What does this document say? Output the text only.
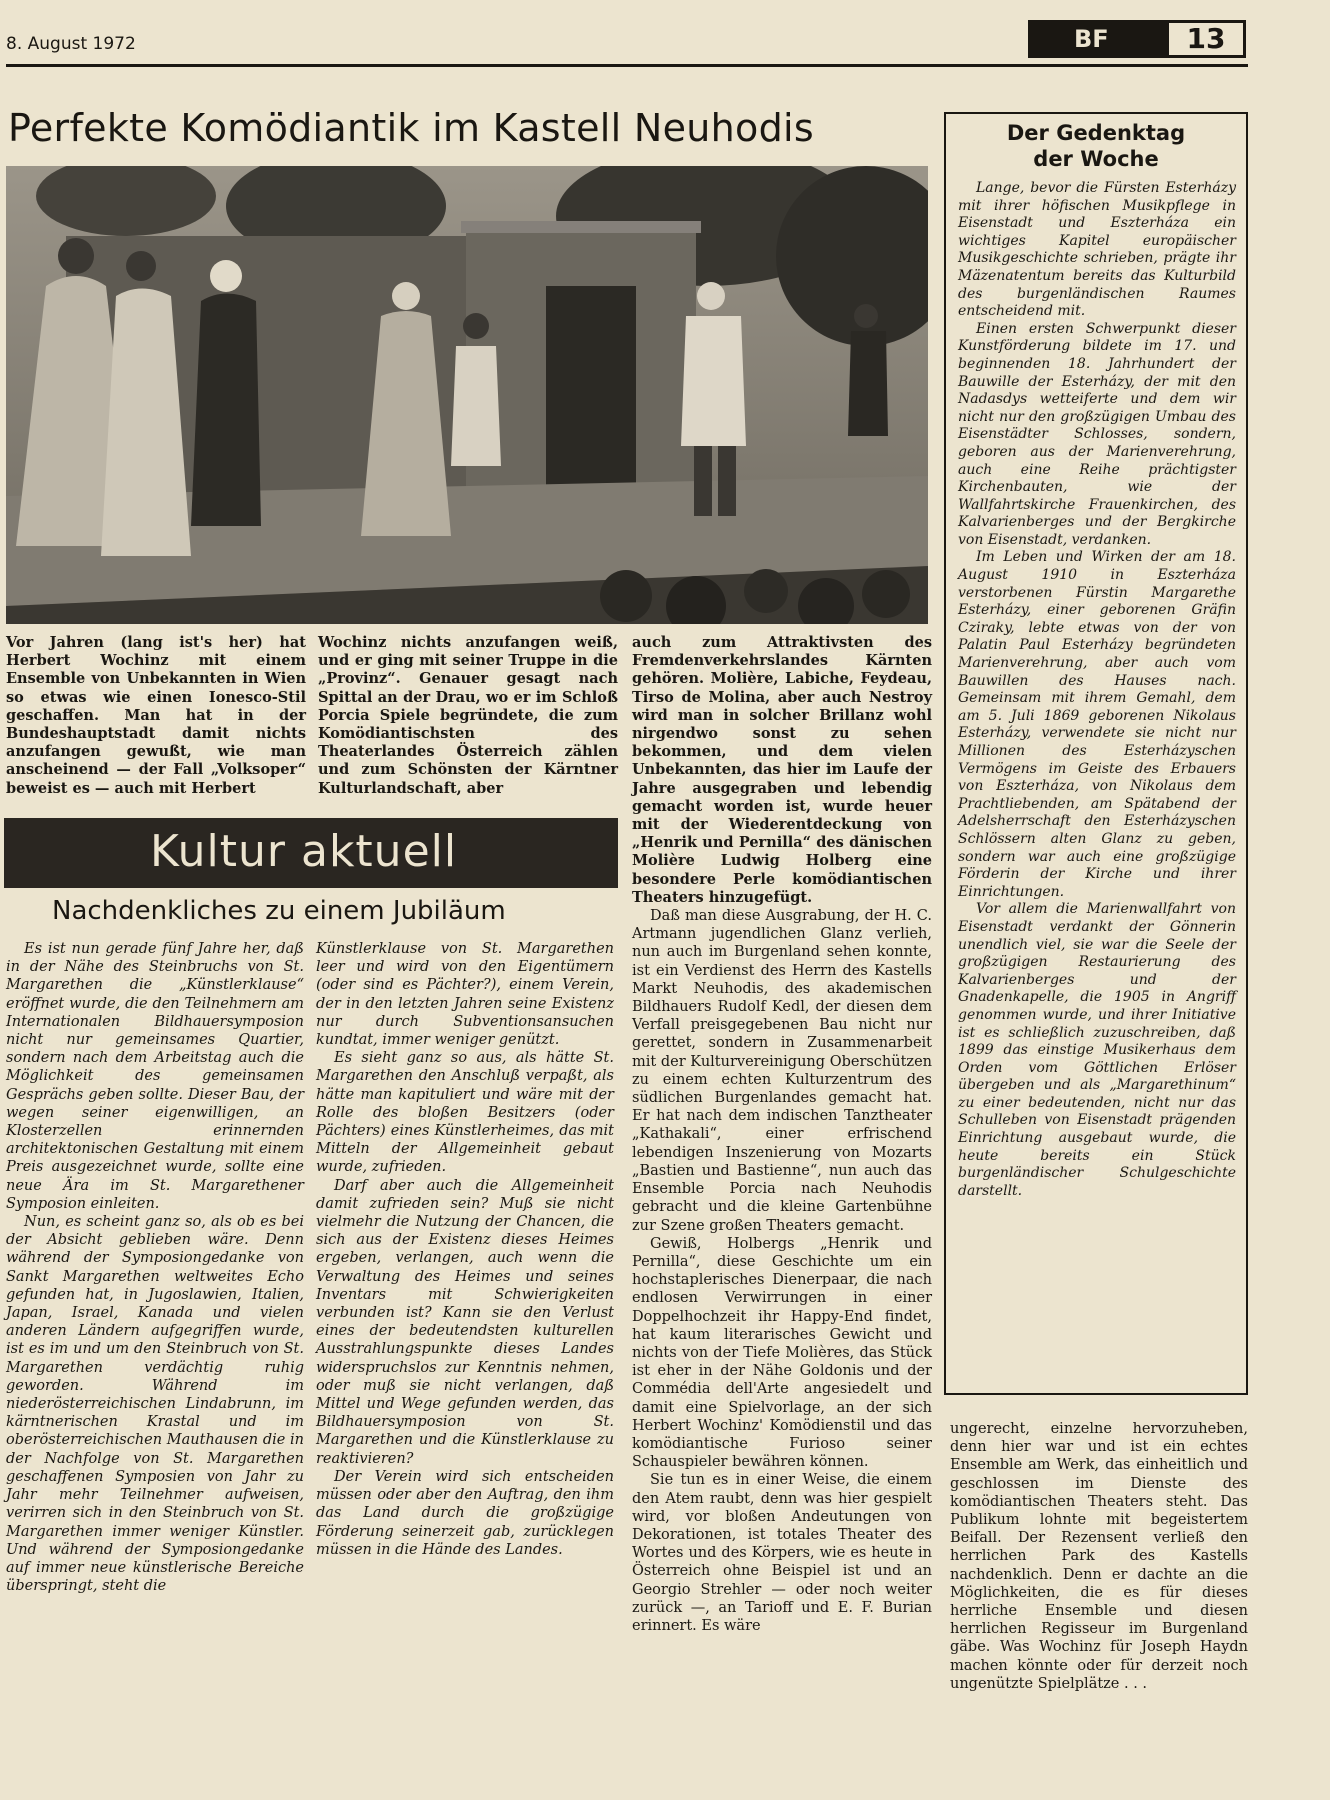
8. August 1972	BF	13
Perfekte Komödiantik im Kastell Neuhodis

Vor Jahren (lang ist's her) hat Herbert Wochinz mit einem Ensemble von Unbekannten in Wien so etwas wie einen Ionesco-Stil geschaffen. Man hat in der Bundeshauptstadt damit nichts anzufangen gewußt, wie man anscheinend — der Fall „Volksoper“ beweist es — auch mit Herbert

Wochinz nichts anzufangen weiß, und er ging mit seiner Truppe in die „Provinz“. Genauer gesagt nach Spittal an der Drau, wo er im Schloß Porcia Spiele begründete, die zum Komödiantischsten des Theaterlandes Österreich zählen und zum Schönsten der Kärntner Kulturlandschaft, aber

auch zum Attraktivsten des Fremdenverkehrslandes Kärnten gehören. Molière, Labiche, Feydeau, Tirso de Molina, aber auch Nestroy wird man in solcher Brillanz wohl nirgendwo sonst zu sehen bekommen, und dem vielen Unbekannten, das hier im Laufe der Jahre ausgegraben und lebendig gemacht worden ist, wurde heuer mit der Wiederentdeckung von „Henrik und Pernilla“ des dänischen Molière Ludwig Holberg eine besondere Perle komödiantischen Theaters hinzugefügt.

Daß man diese Ausgrabung, der H. C. Artmann jugendlichen Glanz verlieh, nun auch im Burgenland sehen konnte, ist ein Verdienst des Herrn des Kastells Markt Neuhodis, des akademischen Bildhauers Rudolf Kedl, der diesen dem Verfall preisgegebenen Bau nicht nur gerettet, sondern in Zusammenarbeit mit der Kulturvereinigung Oberschützen zu einem echten Kulturzentrum des südlichen Burgenlandes gemacht hat. Er hat nach dem indischen Tanztheater „Kathakali“, einer erfrischend lebendigen Inszenierung von Mozarts „Bastien und Bastienne“, nun auch das Ensemble Porcia nach Neuhodis gebracht und die kleine Gartenbühne zur Szene großen Theaters gemacht.

Gewiß, Holbergs „Henrik und Pernilla“, diese Geschichte um ein hochstaplerisches Dienerpaar, die nach endlosen Verwirrungen in einer Doppelhochzeit ihr Happy-End findet, hat kaum literarisches Gewicht und nichts von der Tiefe Molières, das Stück ist eher in der Nähe Goldonis und der Commédia dell'Arte angesiedelt und damit eine Spielvorlage, an der sich Herbert Wochinz' Komödienstil und das komödiantische Furioso seiner Schauspieler bewähren können.

Sie tun es in einer Weise, die einem den Atem raubt, denn was hier gespielt wird, vor bloßen Andeutungen von Dekorationen, ist totales Theater des Wortes und des Körpers, wie es heute in Österreich ohne Beispiel ist und an Georgio Strehler — oder noch weiter zurück —, an Tarioff und E. F. Burian erinnert. Es wäre

ungerecht, einzelne hervorzuheben, denn hier war und ist ein echtes Ensemble am Werk, das einheitlich und geschlossen im Dienste des komödiantischen Theaters steht. Das Publikum lohnte mit begeistertem Beifall. Der Rezensent verließ den herrlichen Park des Kastells nachdenklich. Denn er dachte an die Möglichkeiten, die es für dieses herrliche Ensemble und diesen herrlichen Regisseur im Burgenland gäbe. Was Wochinz für Joseph Haydn machen könnte oder für derzeit noch ungenützte Spielplätze . . .

Kultur aktuell
Nachdenkliches zu einem Jubiläum

Es ist nun gerade fünf Jahre her, daß in der Nähe des Steinbruchs von St. Margarethen die „Künstlerklause“ eröffnet wurde, die den Teilnehmern am Internationalen Bildhauersymposion nicht nur gemeinsames Quartier, sondern nach dem Arbeitstag auch die Möglichkeit des gemeinsamen Gesprächs geben sollte. Dieser Bau, der wegen seiner eigenwilligen, an Klosterzellen erinnernden architektonischen Gestaltung mit einem Preis ausgezeichnet wurde, sollte eine neue Ära im St. Margarethener Symposion einleiten.

Nun, es scheint ganz so, als ob es bei der Absicht geblieben wäre. Denn während der Symposiongedanke von Sankt Margarethen weltweites Echo gefunden hat, in Jugoslawien, Italien, Japan, Israel, Kanada und vielen anderen Ländern aufgegriffen wurde, ist es im und um den Steinbruch von St. Margarethen verdächtig ruhig geworden. Während im niederösterreichischen Lindabrunn, im kärntnerischen Krastal und im oberösterreichischen Mauthausen die in der Nachfolge von St. Margarethen geschaffenen Symposien von Jahr zu Jahr mehr Teilnehmer aufweisen, verirren sich in den Steinbruch von St. Margarethen immer weniger Künstler. Und während der Symposiongedanke auf immer neue künstlerische Bereiche überspringt, steht die

Künstlerklause von St. Margarethen leer und wird von den Eigentümern (oder sind es Pächter?), einem Verein, der in den letzten Jahren seine Existenz nur durch Subventionsansuchen kundtat, immer weniger genützt.

Es sieht ganz so aus, als hätte St. Margarethen den Anschluß verpaßt, als hätte man kapituliert und wäre mit der Rolle des bloßen Besitzers (oder Pächters) eines Künstlerheimes, das mit Mitteln der Allgemeinheit gebaut wurde, zufrieden.

Darf aber auch die Allgemeinheit damit zufrieden sein? Muß sie nicht vielmehr die Nutzung der Chancen, die sich aus der Existenz dieses Heimes ergeben, verlangen, auch wenn die Verwaltung des Heimes und seines Inventars mit Schwierigkeiten verbunden ist? Kann sie den Verlust eines der bedeutendsten kulturellen Ausstrahlungspunkte dieses Landes widerspruchslos zur Kenntnis nehmen, oder muß sie nicht verlangen, daß Mittel und Wege gefunden werden, das Bildhauersymposion von St. Margarethen und die Künstlerklause zu reaktivieren?

Der Verein wird sich entscheiden müssen oder aber den Auftrag, den ihm das Land durch die großzügige Förderung seinerzeit gab, zurücklegen müssen in die Hände des Landes.

Der Gedenktag
der Woche

Lange, bevor die Fürsten Esterházy mit ihrer höfischen Musikpflege in Eisenstadt und Eszterháza ein wichtiges Kapitel europäischer Musikgeschichte schrieben, prägte ihr Mäzenatentum bereits das Kulturbild des burgenländischen Raumes entscheidend mit.

Einen ersten Schwerpunkt dieser Kunstförderung bildete im 17. und beginnenden 18. Jahrhundert der Bauwille der Esterházy, der mit den Nadasdys wetteiferte und dem wir nicht nur den großzügigen Umbau des Eisenstädter Schlosses, sondern, geboren aus der Marienverehrung, auch eine Reihe prächtigster Kirchenbauten, wie der Wallfahrtskirche Frauenkirchen, des Kalvarienberges und der Bergkirche von Eisenstadt, verdanken.

Im Leben und Wirken der am 18. August 1910 in Eszterháza verstorbenen Fürstin Margarethe Esterházy, einer geborenen Gräfin Cziraky, lebte etwas von der von Palatin Paul Esterházy begründeten Marienverehrung, aber auch vom Bauwillen des Hauses nach. Gemeinsam mit ihrem Gemahl, dem am 5. Juli 1869 geborenen Nikolaus Esterházy, verwendete sie nicht nur Millionen des Esterházyschen Vermögens im Geiste des Erbauers von Eszterháza, von Nikolaus dem Prachtliebenden, am Spätabend der Adelsherrschaft den Esterházyschen Schlössern alten Glanz zu geben, sondern war auch eine großzügige Förderin der Kirche und ihrer Einrichtungen.

Vor allem die Marienwallfahrt von Eisenstadt verdankt der Gönnerin unendlich viel, sie war die Seele der großzügigen Restaurierung des Kalvarienberges und der Gnadenkapelle, die 1905 in Angriff genommen wurde, und ihrer Initiative ist es schließlich zuzuschreiben, daß 1899 das einstige Musikerhaus dem Orden vom Göttlichen Erlöser übergeben und als „Margarethinum“ zu einer bedeutenden, nicht nur das Schulleben von Eisenstadt prägenden Einrichtung ausgebaut wurde, die heute bereits ein Stück burgenländischer Schulgeschichte darstellt.
